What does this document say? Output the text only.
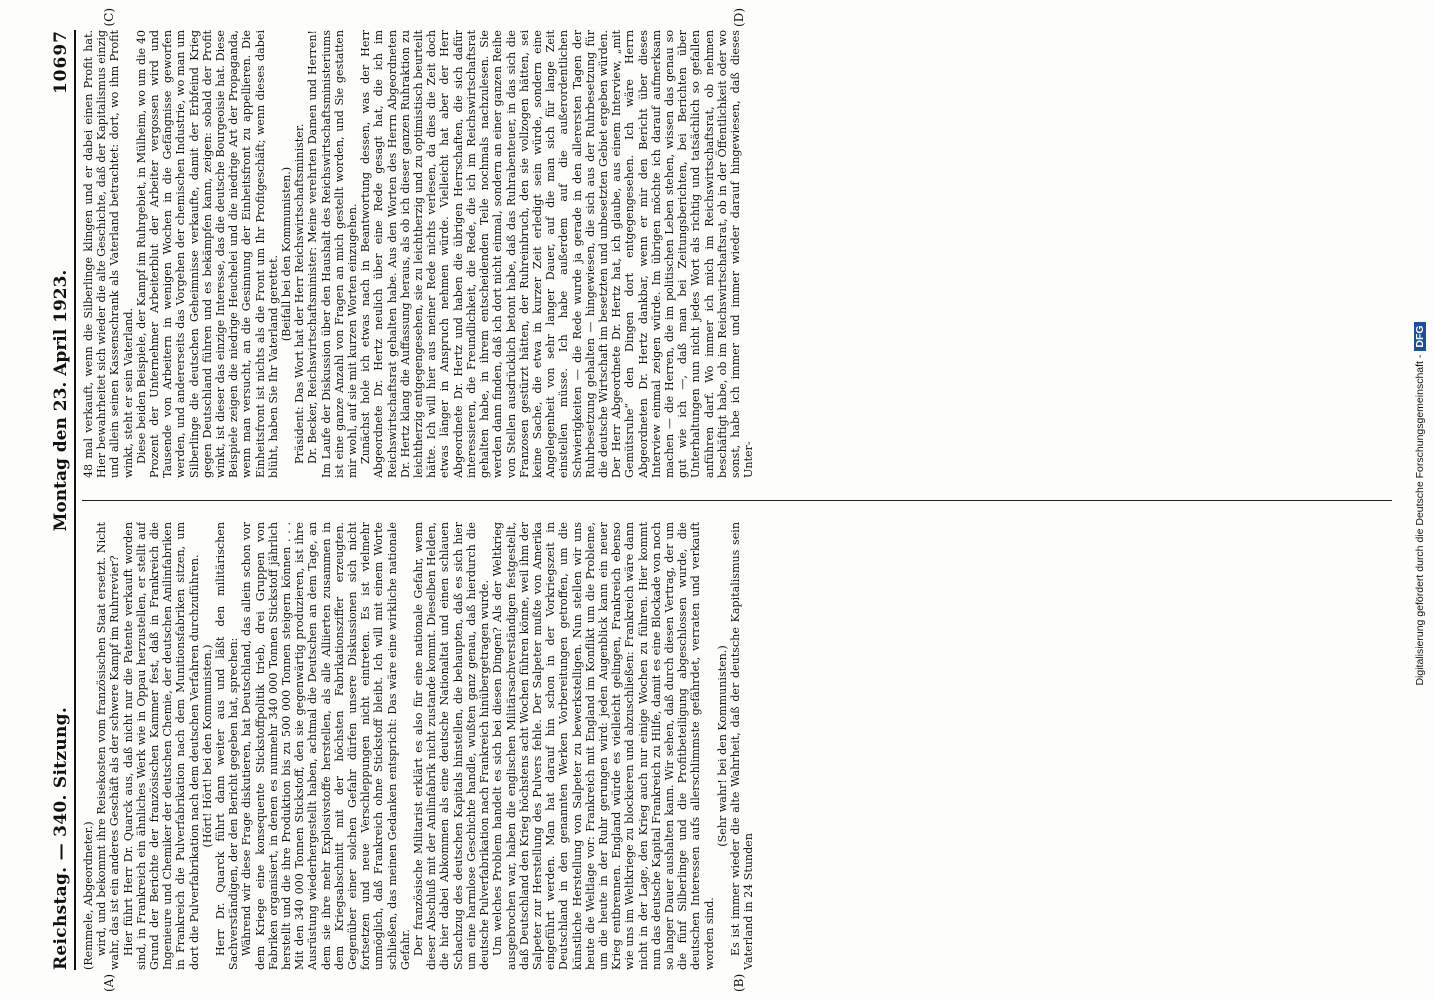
Reichstag. — 340. Sitzung.
Montag den 23. April 1923.
10697
(A)	(B)
(C)	(D)

(Remmele, Abgeordneter.) wird, und bekommt ihre Reisekosten vom französischen Staat ersetzt. Nicht wahr, das ist ein anderes Geschäft als der schwere Kampf im Ruhrrevier? Hier führt Herr Dr. Quarck aus, daß nicht nur die Patente verkauft worden sind, in Frankreich ein ähnliches Werk wie in Oppau herzustellen, er stellt auf Grund der Berichte der französischen Kammer fest, daß in Frankreich die Ingenieure und Chemiker der deutschen Chemie, der deutschen Anilinfabriken in Frankreich die Pulverfabrikation nach dem Munitionsfabriken sitzen, um dort die Pulverfabrikation nach dem deutschen Verfahren durchzuführen. (Hört! Hört! bei den Kommunisten.) Herr Dr. Quarck führt dann weiter aus und läßt den militärischen Sachverständigen, der den Bericht gegeben hat, sprechen: Während wir diese Frage diskutieren, hat Deutschland, das allein schon vor dem Kriege eine konsequente Stickstoffpolitik trieb, drei Gruppen von Fabriken organisiert, in denen es nunmehr 340 000 Tonnen Stickstoff jährlich herstellt und die ihre Produktion bis zu 500 000 Tonnen steigern können . . . Mit den 340 000 Tonnen Stickstoff, den sie gegenwärtig produzieren, ist ihre Ausrüstung wiederhergestellt haben, achtmal die Deutschen an dem Tage, an dem sie ihre mehr Explosivstoffe herstellen, als alle Alliierten zusammen in dem Kriegsabschnitt mit der höchsten Fabrikationsziffer erzeugten. Gegenüber einer solchen Gefahr dürfen unsere Diskussionen sich nicht fortsetzen und neue Verschleppungen nicht eintreten. Es ist vielmehr unmöglich, daß Frankreich ohne Stickstoff bleibt. Ich will mit einem Worte schließen, das meinen Gedanken entspricht: Das wäre eine wirkliche nationale Gefahr. Der französische Militarist erklärt es also für eine nationale Gefahr, wenn dieser Abschluß mit der Anilinfabrik nicht zustande kommt. Dieselben Helden, die hier dabei Abkommen als eine deutsche Nationaltat und einen schlauen Schachzug des deutschen Kapitals hinstellen, die behaupten, daß es sich hier um eine harmlose Geschichte handle, wußten ganz genau, daß hierdurch die deutsche Pulverfabrikation nach Frankreich hinübergetragen wurde. Um welches Problem handelt es sich bei diesen Dingen? Als der Weltkrieg ausgebrochen war, haben die englischen Militärsachverständigen festgestellt, daß Deutschland den Krieg höchstens acht Wochen führen könne, weil ihm der Salpeter zur Herstellung des Pulvers fehle. Der Salpeter mußte von Amerika eingeführt werden. Man hat darauf hin schon in der Vorkriegszeit in Deutschland in den genannten Werken Vorbereitungen getroffen, um die künstliche Herstellung von Salpeter zu bewerkstelligen. Nun stellen wir uns heute die Weltlage vor: Frankreich mit England im Konflikt um die Probleme, um die heute in der Ruhr gerungen wird: jeden Augenblick kann ein neuer Krieg entbrennen. England würde es vielleicht gelingen, Frankreich ebenso wie uns im Weltkriege zu blockieren und abzuschließen: Frankreich wäre dann nicht in der Lage, den Krieg auch nur einige Wochen zu führen. Hier kommt nun das deutsche Kapital Frankreich zu Hilfe, damit es eine Blockade von noch so langer Dauer aushalten kann. Wir sehen, daß durch diesen Vertrag, der um die fünf Silberlinge und die Profitbeteiligung abgeschlossen wurde, die deutschen Interessen aufs allerschlimmste gefährdet, verraten und verkauft worden sind.

(Sehr wahr! bei den Kommunisten.) Es ist immer wieder die alte Wahrheit, daß der deutsche Kapitalismus sein Vaterland in 24 Stunden

48 mal verkauft, wenn die Silberlinge klingen und er dabei einen Profit hat. Hier bewahrheitet sich wieder die alte Geschichte, daß der Kapitalismus einzig und allein seinen Kassenschrank als Vaterland betrachtet: dort, wo ihm Profit winkt, steht er sein Vaterland. Diese beiden Beispiele, der Kampf im Ruhrgebiet, in Mülheim, wo um die 40 Prozent der Unternehmer Arbeiterblut der Arbeiter vergossen wird und Tausende von Arbeitern in wenigen Wochen in die Gefängnisse geworfen werden, und andererseits das Vorgehen der chemischen Industrie, wo man um Silberlinge die deutschen Geheimnisse verkaufte, damit der Erbfeind Krieg gegen Deutschland führen und es bekämpfen kann, zeigen: sobald der Profit winkt, ist dieser das einzige Interesse, das die deutsche Bourgeoisie hat. Diese Beispiele zeigen die niedrige Heuchelei und die niedrige Art der Propaganda, wenn man versucht, an die Gesinnung der Einheitsfront zu appellieren. Die Einheitsfront ist nichts als die Front um Ihr Profitgeschäft; wenn dieses dabei blüht, haben Sie Ihr Vaterland gerettet.

(Beifall bei den Kommunisten.) Präsident: Das Wort hat der Herr Reichswirtschaftsminister. Dr. Becker, Reichswirtschaftsminister: Meine verehrten Damen und Herren! Im Laufe der Diskussion über den Haushalt des Reichswirtschaftsministeriums ist eine ganze Anzahl von Fragen an mich gestellt worden, und Sie gestatten mir wohl, auf sie mit kurzen Worten einzugehen. Zunächst hole ich etwas nach in Beantwortung dessen, was der Herr Abgeordnete Dr. Hertz neulich über eine Rede gesagt hat, die ich im Reichswirtschaftsrat gehalten habe. Aus den Worten des Herrn Abgeordneten Dr. Hertz klang die Auffassung heraus, als ob ich dieser ganzen Ruhraktion zu leichtherzig entgegengesehen, sie zu leichtherzig und zu optimistisch beurteilt hätte. Ich will hier aus meiner Rede nichts verlesen, da dies die Zeit doch etwas länger in Anspruch nehmen würde. Vielleicht hat aber der Herr Abgeordnete Dr. Hertz und haben die übrigen Herrschaften, die sich dafür interessieren, die Freundlichkeit, die Rede, die ich im Reichswirtschaftsrat gehalten habe, in ihrem entscheidenden Teile nochmals nachzulesen. Sie werden dann finden, daß ich dort nicht einmal, sondern an einer ganzen Reihe von Stellen ausdrücklich betont habe, daß das Ruhrabenteuer, in das sich die Franzosen gestürzt hätten, der Ruhreinbruch, den sie vollzogen hätten, sei keine Sache, die etwa in kurzer Zeit erledigt sein würde, sondern eine Angelegenheit von sehr langer Dauer, auf die man sich für lange Zeit einstellen müsse. Ich habe außerdem auf die außerordentlichen Schwierigkeiten — die Rede wurde ja gerade in den allerersten Tagen der Ruhrbesetzung gehalten — hingewiesen, die sich aus der Ruhrbesetzung für die deutsche Wirtschaft im besetzten und unbesetzten Gebiet ergeben würden. Der Herr Abgeordnete Dr. Hertz hat, ich glaube, aus einem Interview, „mit Gemütsruhe“ den Dingen dort entgegengesehen. Ich wäre Herrn Abgeordneten Dr. Hertz dankbar, wenn er mir den Bericht über dieses Interview einmal zeigen würde. Im übrigen möchte ich darauf aufmerksam machen — die Herren, die im politischen Leben stehen, wissen das genau so gut wie ich —, daß man bei Zeitungsberichten, bei Berichten über Unterhaltungen nun nicht jedes Wort als richtig und tatsächlich so gefallen anführen darf. Wo immer ich mich im Reichswirtschaftsrat, ob nehmen beschäftigt habe, ob im Reichswirtschaftsrat, ob in der Öffentlichkeit oder wo sonst, habe ich immer und immer wieder darauf hingewiesen, daß dieses Unter-	Digitalisierung gefördert durch die Deutsche Forschungsgemeinschaft -DFG
